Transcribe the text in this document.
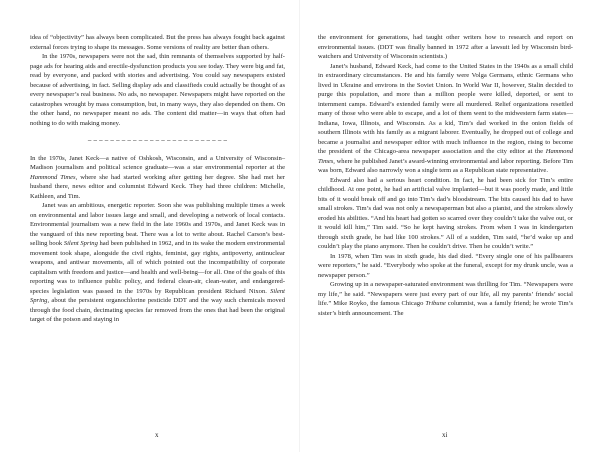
idea of “objectivity” has always been complicated. But the press has always fought back against external forces trying to shape its messages. Some versions of reality are better than others.

In the 1970s, newspapers were not the sad, thin remnants of themselves supported by half-page ads for hearing aids and erectile-dysfunction products you see today. They were big and fat, read by everyone, and packed with stories and advertising. You could say newspapers existed because of advertising, in fact. Selling display ads and classifieds could actually be thought of as every newspaper’s real business. No ads, no newspaper. Newspapers might have reported on the catastrophes wrought by mass consumption, but, in many ways, they also depended on them. On the other hand, no newspaper meant no ads. The content did matter—in ways that often had nothing to do with making money.

– – – – – – – – – – – – – – – – – – – – – – – – –

In the 1970s, Janet Keck—a native of Oshkosh, Wisconsin, and a University of Wisconsin–Madison journalism and political science graduate—was a star environmental reporter at the Hammond Times, where she had started working after getting her degree. She had met her husband there, news editor and columnist Edward Keck. They had three children: Michelle, Kathleen, and Tim.

Janet was an ambitious, energetic reporter. Soon she was publishing multiple times a week on environmental and labor issues large and small, and developing a network of local contacts. Environmental journalism was a new field in the late 1960s and 1970s, and Janet Keck was in the vanguard of this new reporting beat. There was a lot to write about. Rachel Carson’s best-selling book Silent Spring had been published in 1962, and in its wake the modern environmental movement took shape, alongside the civil rights, feminist, gay rights, antipoverty, antinuclear weapons, and antiwar movements, all of which pointed out the incompatibility of corporate capitalism with freedom and justice—and health and well-being—for all. One of the goals of this reporting was to influence public policy, and federal clean-air, clean-water, and endangered-species legislation was passed in the 1970s by Republican president Richard Nixon. Silent Spring, about the persistent organochlorine pesticide DDT and the way such chemicals moved through the food chain, decimating species far removed from the ones that had been the original target of the poison and staying in

x

the environment for generations, had taught other writers how to research and report on environmental issues. (DDT was finally banned in 1972 after a lawsuit led by Wisconsin bird-watchers and University of Wisconsin scientists.)

Janet’s husband, Edward Keck, had come to the United States in the 1940s as a small child in extraordinary circumstances. He and his family were Volga Germans, ethnic Germans who lived in Ukraine and environs in the Soviet Union. In World War II, however, Stalin decided to purge this population, and more than a million people were killed, deported, or sent to internment camps. Edward’s extended family were all murdered. Relief organizations resettled many of those who were able to escape, and a lot of them went to the midwestern farm states—Indiana, Iowa, Illinois, and Wisconsin. As a kid, Tim’s dad worked in the onion fields of southern Illinois with his family as a migrant laborer. Eventually, he dropped out of college and became a journalist and newspaper editor with much influence in the region, rising to become the president of the Chicago-area newspaper association and the city editor at the Hammond Times, where he published Janet’s award-winning environmental and labor reporting. Before Tim was born, Edward also narrowly won a single term as a Republican state representative.

Edward also had a serious heart condition. In fact, he had been sick for Tim’s entire childhood. At one point, he had an artificial valve implanted—but it was poorly made, and little bits of it would break off and go into Tim’s dad’s bloodstream. The bits caused his dad to have small strokes. Tim’s dad was not only a newspaperman but also a pianist, and the strokes slowly eroded his abilities. “And his heart had gotten so scarred over they couldn’t take the valve out, or it would kill him,” Tim said. “So he kept having strokes. From when I was in kindergarten through sixth grade, he had like 100 strokes.” All of a sudden, Tim said, “he’d wake up and couldn’t play the piano anymore. Then he couldn’t drive. Then he couldn’t write.”

In 1978, when Tim was in sixth grade, his dad died. “Every single one of his pallbearers were reporters,” he said. “Everybody who spoke at the funeral, except for my drunk uncle, was a newspaper person.”

Growing up in a newspaper-saturated environment was thrilling for Tim. “Newspapers were my life,” he said. “Newspapers were just every part of our life, all my parents’ friends’ social life.” Mike Royko, the famous Chicago Tribune columnist, was a family friend; he wrote Tim’s sister’s birth announcement. The

xi
